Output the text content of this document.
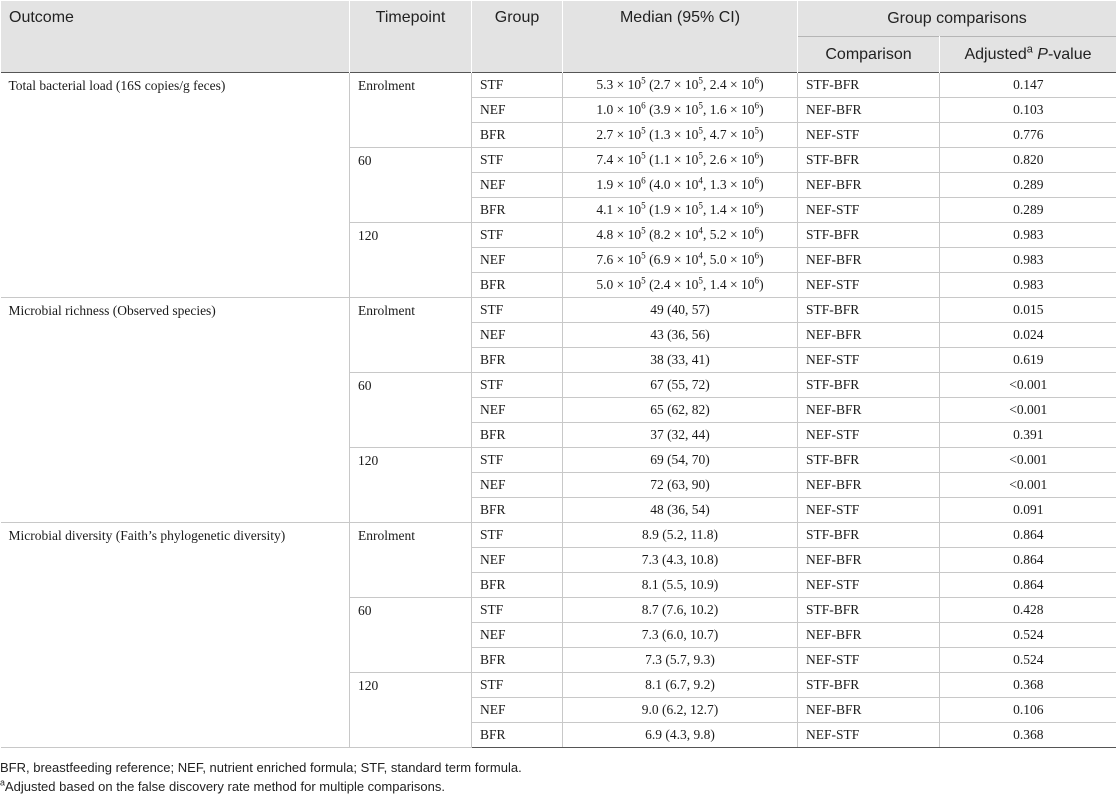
Outcome	Timepoint	Group	Median (95% CI)	Group comparisons	
				Comparison	Adjusted$^a$ P-value
Total bacterial load (16S copies/g feces)	Enrolment	STF	$5.3 \times 10^5$ ($2.7 \times 10^5$, $2.4 \times 10^6$)	STF-BFR	0.147
		NEF	$1.0 \times 10^6$ ($3.9 \times 10^5$, $1.6 \times 10^6$)	NEF-BFR	0.103
		BFR	$2.7 \times 10^5$ ($1.3 \times 10^5$, $4.7 \times 10^5$)	NEF-STF	0.776
	60	STF	$7.4 \times 10^5$ ($1.1 \times 10^5$, $2.6 \times 10^6$)	STF-BFR	0.820
		NEF	$1.9 \times 10^6$ ($4.0 \times 10^4$, $1.3 \times 10^6$)	NEF-BFR	0.289
		BFR	$4.1 \times 10^5$ ($1.9 \times 10^5$, $1.4 \times 10^6$)	NEF-STF	0.289
	120	STF	$4.8 \times 10^5$ ($8.2 \times 10^4$, $5.2 \times 10^6$)	STF-BFR	0.983
		NEF	$7.6 \times 10^5$ ($6.9 \times 10^4$, $5.0 \times 10^6$)	NEF-BFR	0.983
		BFR	$5.0 \times 10^5$ ($2.4 \times 10^5$, $1.4 \times 10^6$)	NEF-STF	0.983
Microbial richness (Observed species)	Enrolment	STF	49 (40, 57)	STF-BFR	0.015
		NEF	43 (36, 56)	NEF-BFR	0.024
		BFR	38 (33, 41)	NEF-STF	0.619
	60	STF	67 (55, 72)	STF-BFR	<0.001
		NEF	65 (62, 82)	NEF-BFR	<0.001
		BFR	37 (32, 44)	NEF-STF	0.391
	120	STF	69 (54, 70)	STF-BFR	<0.001
		NEF	72 (63, 90)	NEF-BFR	<0.001
		BFR	48 (36, 54)	NEF-STF	0.091
Microbial diversity (Faith’s phylogenetic diversity)	Enrolment	STF	8.9 (5.2, 11.8)	STF-BFR	0.864
		NEF	7.3 (4.3, 10.8)	NEF-BFR	0.864
		BFR	8.1 (5.5, 10.9)	NEF-STF	0.864
	60	STF	8.7 (7.6, 10.2)	STF-BFR	0.428
		NEF	7.3 (6.0, 10.7)	NEF-BFR	0.524
		BFR	7.3 (5.7, 9.3)	NEF-STF	0.524
	120	STF	8.1 (6.7, 9.2)	STF-BFR	0.368
		NEF	9.0 (6.2, 12.7)	NEF-BFR	0.106
		BFR	6.9 (4.3, 9.8)	NEF-STF	0.368

BFR, breastfeeding reference; NEF, nutrient enriched formula; STF, standard term formula.

$^a$Adjusted based on the false discovery rate method for multiple comparisons.
